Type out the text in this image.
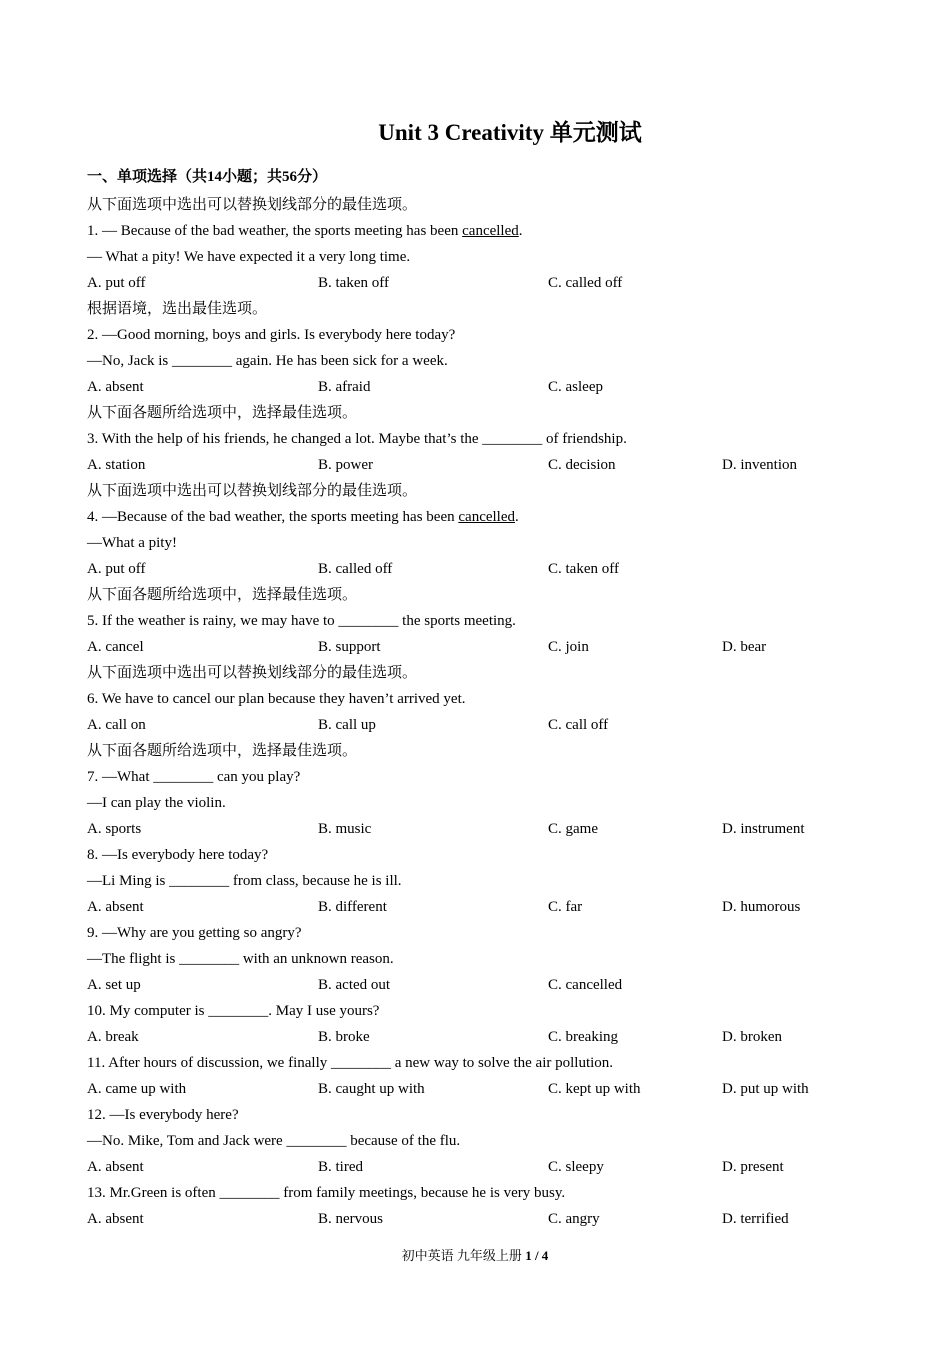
Unit 3 Creativity 单元测试
一、单项选择（共14小题；共56分）
从下面选项中选出可以替换划线部分的最佳选项。
1. — Because of the bad weather, the sports meeting has been cancelled.
— What a pity! We have expected it a very long time.
A. put off	B. taken off	C. called off
根据语境，选出最佳选项。
2. —Good morning, boys and girls. Is everybody here today?
—No, Jack is ________ again. He has been sick for a week.
A. absent	B. afraid	C. asleep
从下面各题所给选项中，选择最佳选项。
3. With the help of his friends, he changed a lot. Maybe that’s the ________ of friendship.
A. station	B. power	C. decision	D. invention
从下面选项中选出可以替换划线部分的最佳选项。
4. —Because of the bad weather, the sports meeting has been cancelled.
—What a pity!
A. put off	B. called off	C. taken off
从下面各题所给选项中，选择最佳选项。
5. If the weather is rainy, we may have to ________ the sports meeting.
A. cancel	B. support	C. join	D. bear
从下面选项中选出可以替换划线部分的最佳选项。
6. We have to cancel our plan because they haven’t arrived yet.
A. call on	B. call up	C. call off
从下面各题所给选项中，选择最佳选项。
7. —What ________ can you play?
—I can play the violin.
A. sports	B. music	C. game	D. instrument
8. —Is everybody here today?
—Li Ming is ________ from class, because he is ill.
A. absent	B. different	C. far	D. humorous
9. —Why are you getting so angry?
—The flight is ________ with an unknown reason.
A. set up	B. acted out	C. cancelled
10. My computer is ________. May I use yours?
A. break	B. broke	C. breaking	D. broken
11. After hours of discussion, we finally ________ a new way to solve the air pollution.
A. came up with	B. caught up with	C. kept up with	D. put up with
12. —Is everybody here?
—No. Mike, Tom and Jack were ________ because of the flu.
A. absent	B. tired	C. sleepy	D. present
13. Mr.Green is often ________ from family meetings, because he is very busy.
A. absent	B. nervous	C. angry	D. terrified
初中英语 九年级上册 1 / 4
